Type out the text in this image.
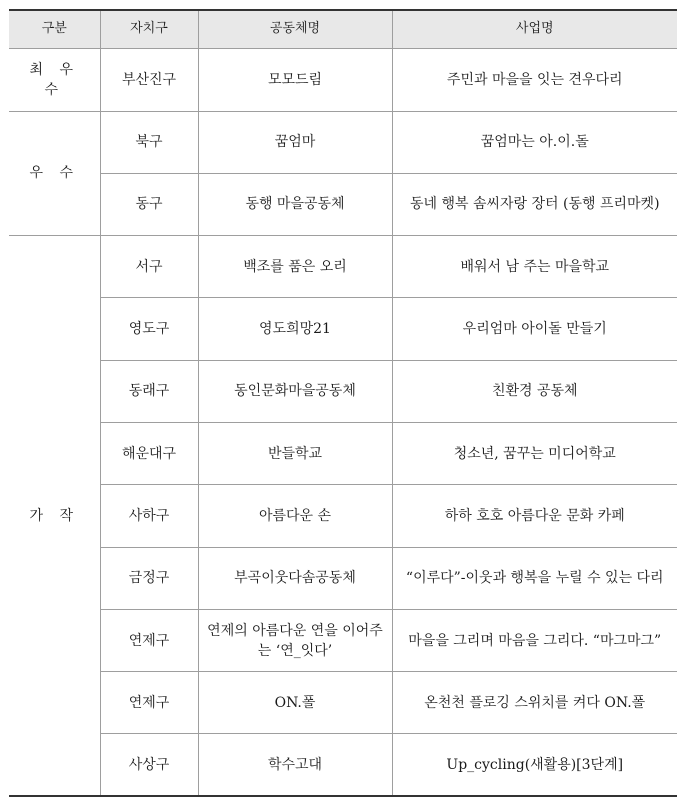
구분	자치구	공동체명	사업명
최 우 수	부산진구	모모드림	주민과 마을을 잇는 견우다리
우 수	북구	꿈엄마	꿈엄마는 아.이.돌
	동구	동행 마을공동체	동네 행복 솜씨자랑 장터 (동행 프리마켓)
가 작	서구	백조를 품은 오리	배워서 남 주는 마을학교
	영도구	영도희망21	우리엄마 아이돌 만들기
	동래구	동인문화마을공동체	친환경 공동체
	해운대구	반들학교	청소년, 꿈꾸는 미디어학교
	사하구	아름다운 손	하하 호호 아름다운 문화 카페
	금정구	부곡이웃다솜공동체	“이루다”-이웃과 행복을 누릴 수 있는 다리
	연제구	연제의 아름다운 연을 이어주는 ‘연_잇다’	마을을 그리며 마음을 그리다. “마그마그”
	연제구	ON.폴	온천천 플로깅 스위치를 켜다 ON.폴
	사상구	학수고대	Up_cycling(새활용)[3단계]
